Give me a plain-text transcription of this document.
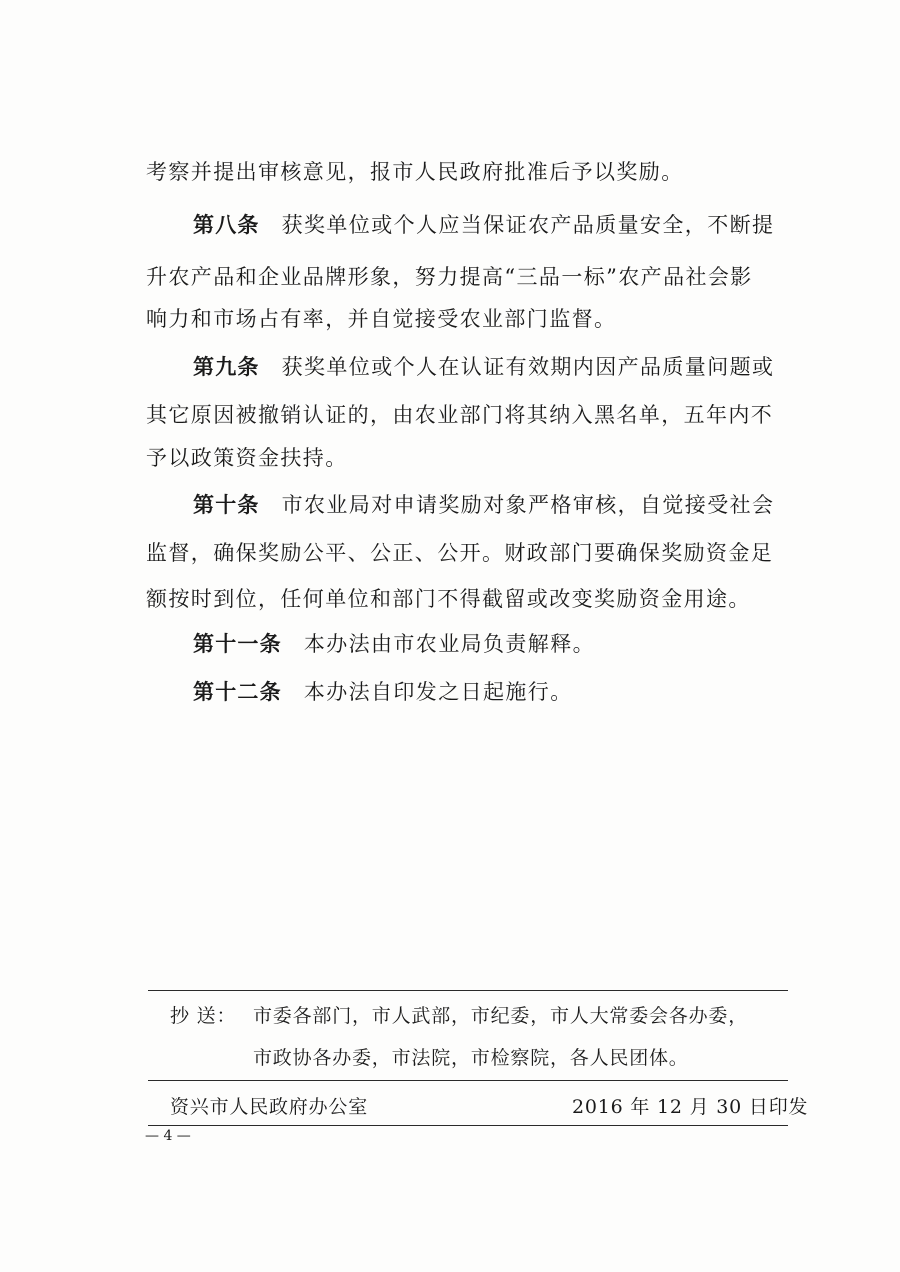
考察并提出审核意见，报市人民政府批准后予以奖励。
第八条 获奖单位或个人应当保证农产品质量安全，不断提
升农产品和企业品牌形象，努力提高“三品一标”农产品社会影
响力和市场占有率，并自觉接受农业部门监督。
第九条 获奖单位或个人在认证有效期内因产品质量问题或
其它原因被撤销认证的，由农业部门将其纳入黑名单，五年内不
予以政策资金扶持。
第十条 市农业局对申请奖励对象严格审核，自觉接受社会
监督，确保奖励公平、公正、公开。财政部门要确保奖励资金足
额按时到位，任何单位和部门不得截留或改变奖励资金用途。
第十一条 本办法由市农业局负责解释。
第十二条 本办法自印发之日起施行。
抄 送： 市委各部门，市人武部，市纪委，市人大常委会各办委，
市政协各办委，市法院，市检察院，各人民团体。
资兴市人民政府办公室	2016 年 12 月 30 日印发
— 4 —
